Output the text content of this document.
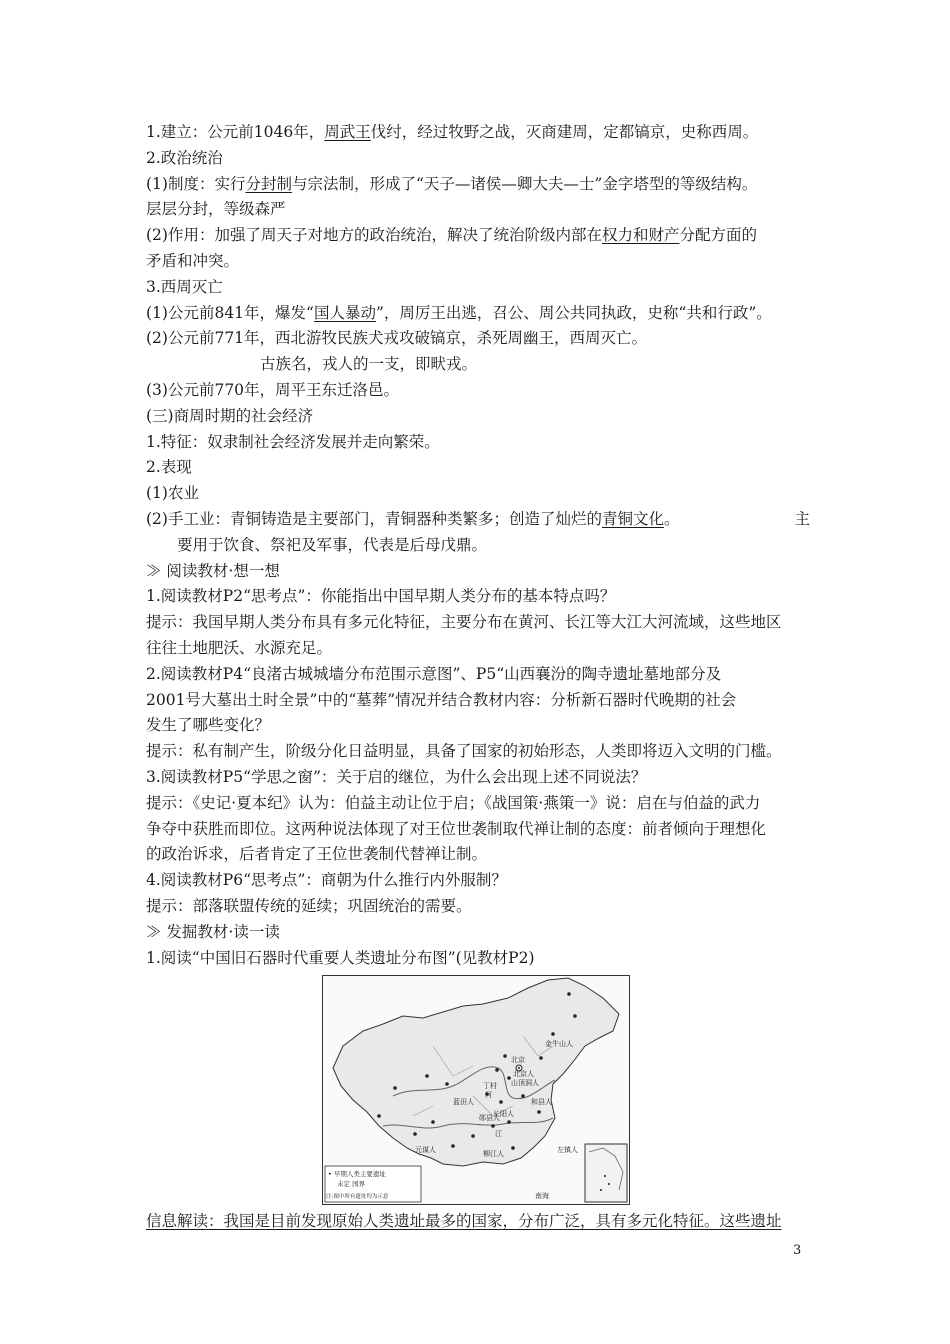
1.建立：公元前1046年，周武王伐纣，经过牧野之战，灭商建周，定都镐京，史称西周。
2.政治统治
(1)制度：实行分封制与宗法制，形成了“天子—诸侯—卿大夫—士”金字塔型的等级结构。
层层分封，等级森严
(2)作用：加强了周天子对地方的政治统治，解决了统治阶级内部在权力和财产分配方面的
矛盾和冲突。
3.西周灭亡
(1)公元前841年，爆发“国人暴动”，周厉王出逃，召公、周公共同执政，史称“共和行政”。
(2)公元前771年，西北游牧民族犬戎攻破镐京，杀死周幽王，西周灭亡。
古族名，戎人的一支，即畎戎。
(3)公元前770年，周平王东迁洛邑。
(三)商周时期的社会经济
1.特征：奴隶制社会经济发展并走向繁荣。
2.表现
(1)农业
(2)手工业：青铜铸造是主要部门，青铜器种类繁多；创造了灿烂的青铜文化。	主
要用于饮食、祭祀及军事，代表是后母戊鼎。
≫ 阅读教材·想一想
1.阅读教材P2“思考点”：你能指出中国早期人类分布的基本特点吗？
提示：我国早期人类分布具有多元化特征，主要分布在黄河、长江等大江大河流域，这些地区
往往土地肥沃、水源充足。
2.阅读教材P4“良渚古城城墙分布范围示意图”、P5“山西襄汾的陶寺遗址墓地部分及
2001号大墓出土时全景”中的“墓葬”情况并结合教材内容：分析新石器时代晚期的社会
发生了哪些变化？
提示：私有制产生，阶级分化日益明显，具备了国家的初始形态，人类即将迈入文明的门槛。
3.阅读教材P5“学思之窗”：关于启的继位，为什么会出现上述不同说法？
提示：《史记·夏本纪》认为：伯益主动让位于启；《战国策·燕策一》说：启在与伯益的武力
争夺中获胜而即位。这两种说法体现了对王位世袭制取代禅让制的态度：前者倾向于理想化
的政治诉求，后者肯定了王位世袭制代替禅让制。
4.阅读教材P6“思考点”：商朝为什么推行内外服制？
提示：部落联盟传统的延续；巩固统治的需要。
≫ 发掘教材·读一读
1.阅读“中国旧石器时代重要人类遗址分布图”(见教材P2)
北京
金牛山人
北京人
山顶洞人
丁村
河
蓝田人	和县人
郧县人
长阳人
江
元谋人	柳江人	左镇人
南海
• 早期人类主要遗址
未定 国界
注:图中所有遗址均为示意
信息解读：我国是目前发现原始人类遗址最多的国家，分布广泛，具有多元化特征。这些遗址
3
